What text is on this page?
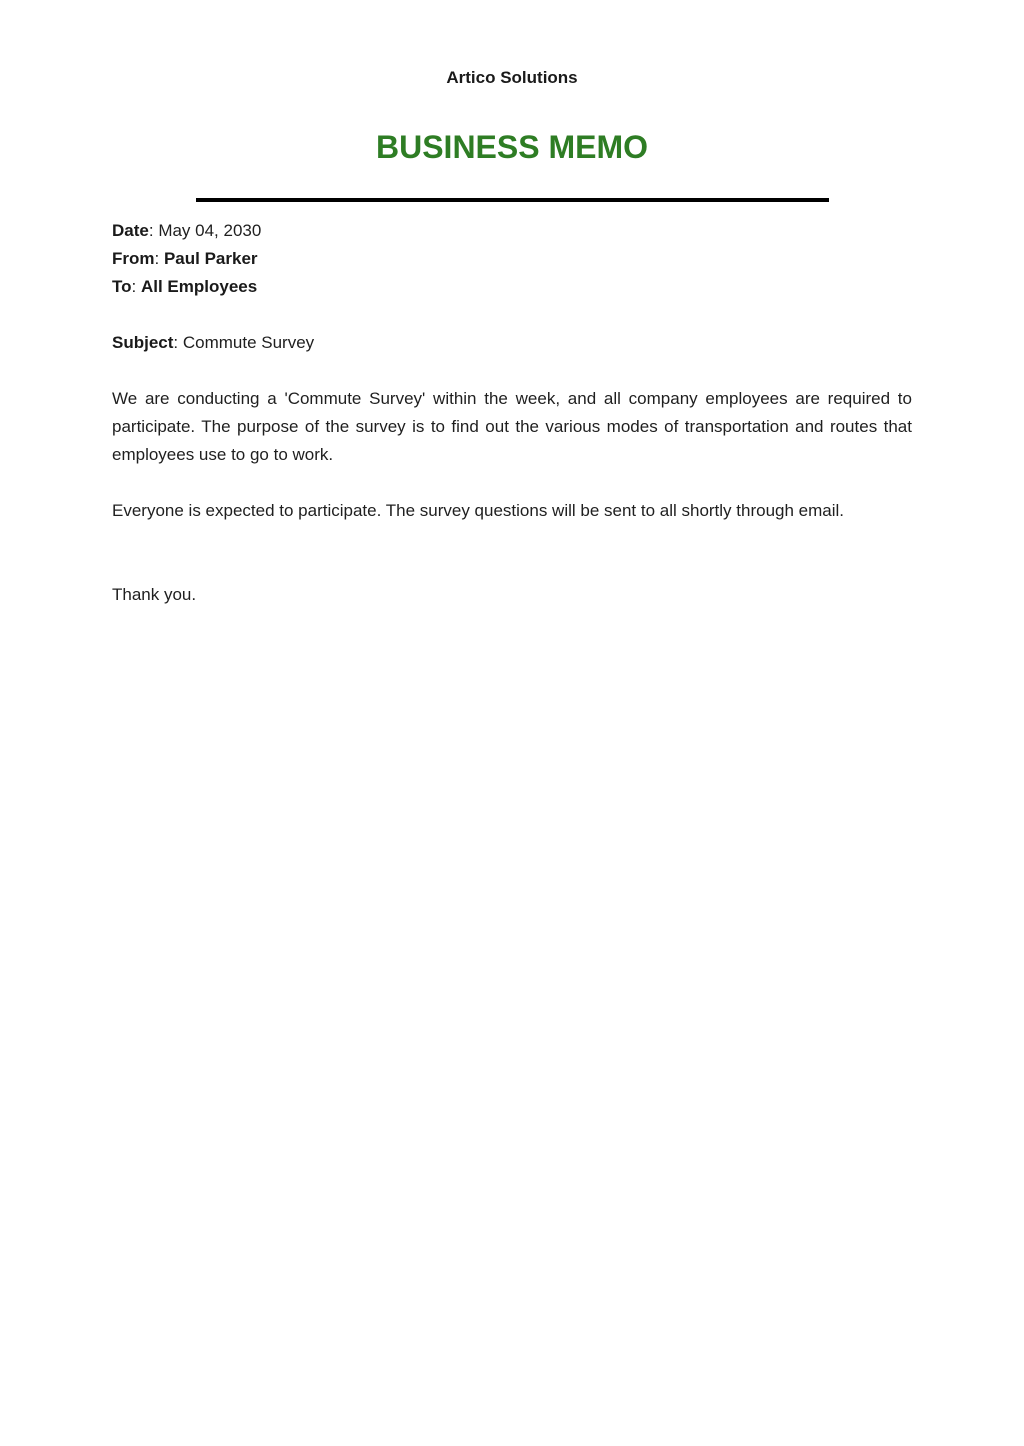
Artico Solutions
BUSINESS MEMO

Date: May 04, 2030

From: Paul Parker

To: All Employees

Subject: Commute Survey

We are conducting a 'Commute Survey' within the week, and all company employees are required to participate. The purpose of the survey is to find out the various modes of transportation and routes that employees use to go to work.

Everyone is expected to participate. The survey questions will be sent to all shortly through email.

Thank you.
